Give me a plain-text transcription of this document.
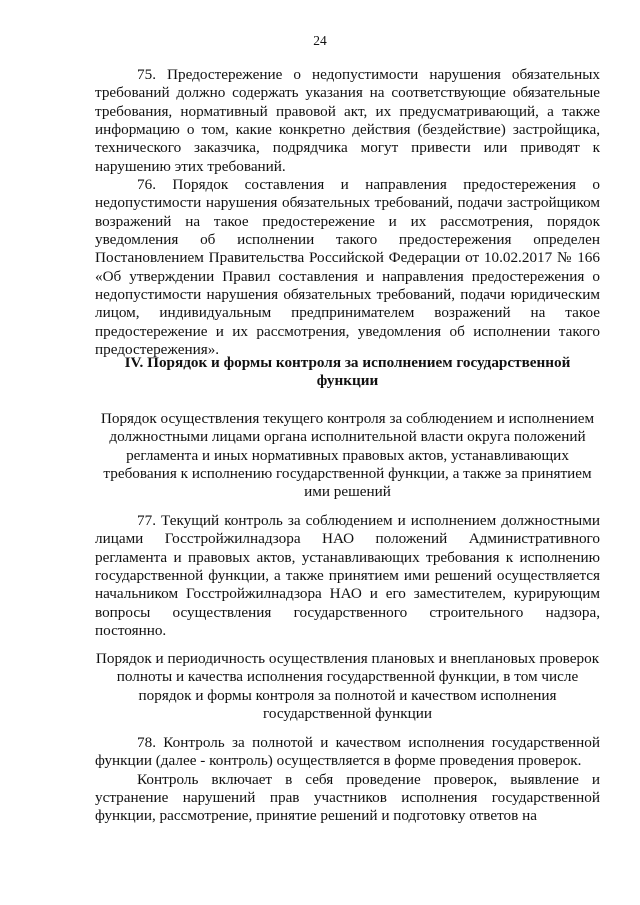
24

75. Предостережение о недопустимости нарушения обязательных требований должно содержать указания на соответствующие обязательные требования, нормативный правовой акт, их предусматривающий, а также информацию о том, какие конкретно действия (бездействие) застройщика, технического заказчика, подрядчика могут привести или приводят к нарушению этих требований.

76. Порядок составления и направления предостережения о недопустимости нарушения обязательных требований, подачи застройщиком возражений на такое предостережение и их рассмотрения, порядок уведомления об исполнении такого предостережения определен Постановлением Правительства Российской Федерации от 10.02.2017 № 166 «Об утверждении Правил составления и направления предостережения о недопустимости нарушения обязательных требований, подачи юридическим лицом, индивидуальным предпринимателем возражений на такое предостережение и их рассмотрения, уведомления об исполнении такого предостережения».

IV. Порядок и формы контроля за исполнением государственной функции

Порядок осуществления текущего контроля за соблюдением и исполнением должностными лицами органа исполнительной власти округа положений регламента и иных нормативных правовых актов, устанавливающих требования к исполнению государственной функции, а также за принятием ими решений

77. Текущий контроль за соблюдением и исполнением должностными лицами Госстройжилнадзора НАО положений Административного регламента и правовых актов, устанавливающих требования к исполнению государственной функции, а также принятием ими решений осуществляется начальником Госстройжилнадзора НАО и его заместителем, курирующим вопросы осуществления государственного строительного надзора, постоянно.

Порядок и периодичность осуществления плановых и внеплановых проверок полноты и качества исполнения государственной функции, в том числе порядок и формы контроля за полнотой и качеством исполнения государственной функции

78. Контроль за полнотой и качеством исполнения государственной функции (далее - контроль) осуществляется в форме проведения проверок.

Контроль включает в себя проведение проверок, выявление и устранение нарушений прав участников исполнения государственной функции, рассмотрение, принятие решений и подготовку ответов на
